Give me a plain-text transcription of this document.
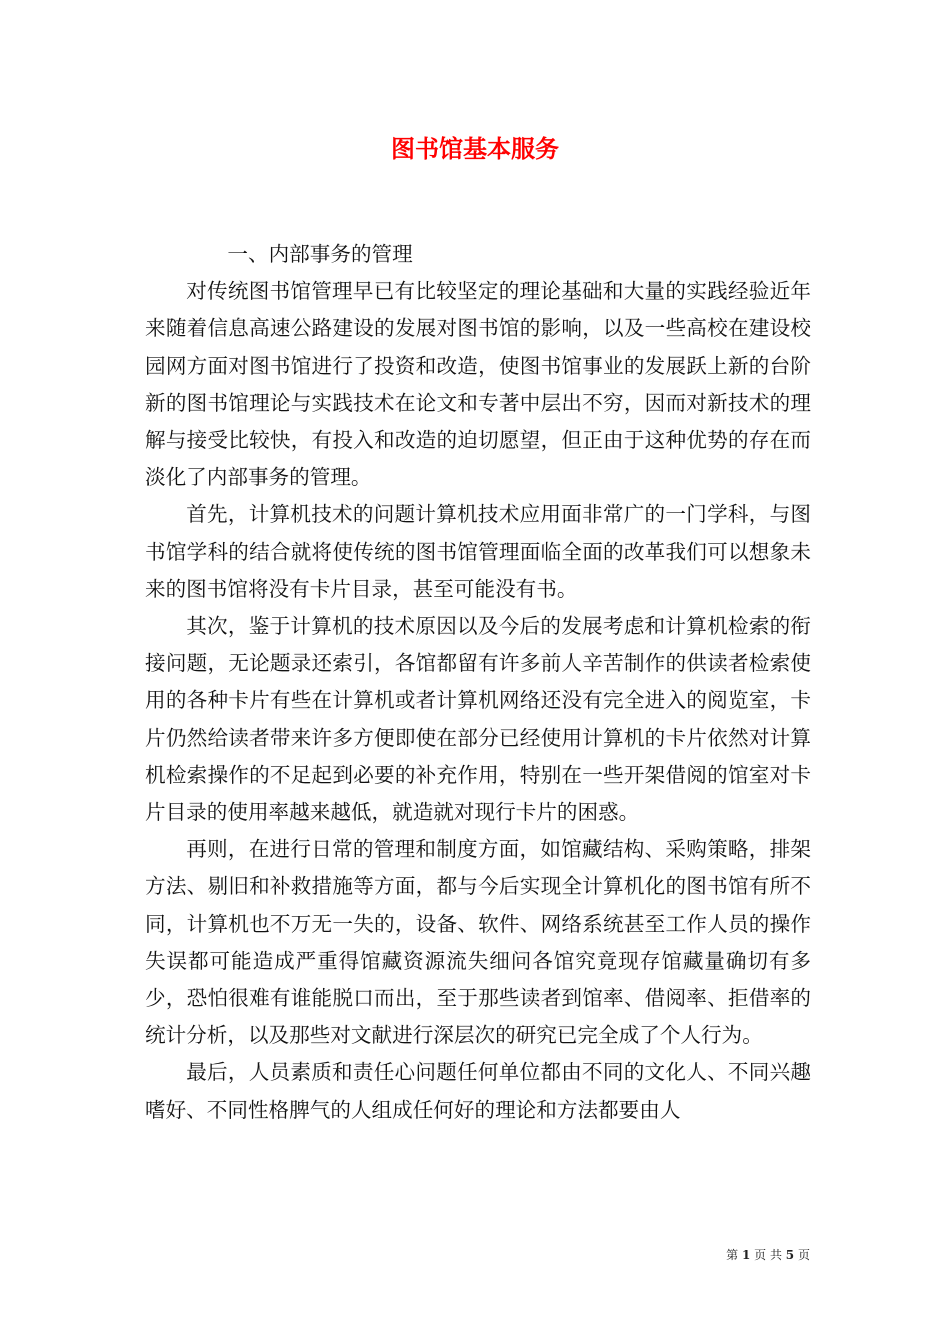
图书馆基本服务

一、内部事务的管理

对传统图书馆管理早已有比较坚定的理论基础和大量的实践经验近年来随着信息高速公路建设的发展对图书馆的影响，以及一些高校在建设校园网方面对图书馆进行了投资和改造，使图书馆事业的发展跃上新的台阶新的图书馆理论与实践技术在论文和专著中层出不穷，因而对新技术的理解与接受比较快，有投入和改造的迫切愿望，但正由于这种优势的存在而淡化了内部事务的管理。

首先，计算机技术的问题计算机技术应用面非常广的一门学科，与图书馆学科的结合就将使传统的图书馆管理面临全面的改革我们可以想象未来的图书馆将没有卡片目录，甚至可能没有书。

其次，鉴于计算机的技术原因以及今后的发展考虑和计算机检索的衔接问题，无论题录还索引，各馆都留有许多前人辛苦制作的供读者检索使用的各种卡片有些在计算机或者计算机网络还没有完全进入的阅览室，卡片仍然给读者带来许多方便即使在部分已经使用计算机的卡片依然对计算机检索操作的不足起到必要的补充作用，特别在一些开架借阅的馆室对卡片目录的使用率越来越低，就造就对现行卡片的困惑。

再则，在进行日常的管理和制度方面，如馆藏结构、采购策略，排架方法、剔旧和补救措施等方面，都与今后实现全计算机化的图书馆有所不同，计算机也不万无一失的，设备、软件、网络系统甚至工作人员的操作失误都可能造成严重得馆藏资源流失细问各馆究竟现存馆藏量确切有多少，恐怕很难有谁能脱口而出，至于那些读者到馆率、借阅率、拒借率的统计分析，以及那些对文献进行深层次的研究已完全成了个人行为。

最后，人员素质和责任心问题任何单位都由不同的文化人、不同兴趣嗜好、不同性格脾气的人组成任何好的理论和方法都要由人

第 1 页 共 5 页
